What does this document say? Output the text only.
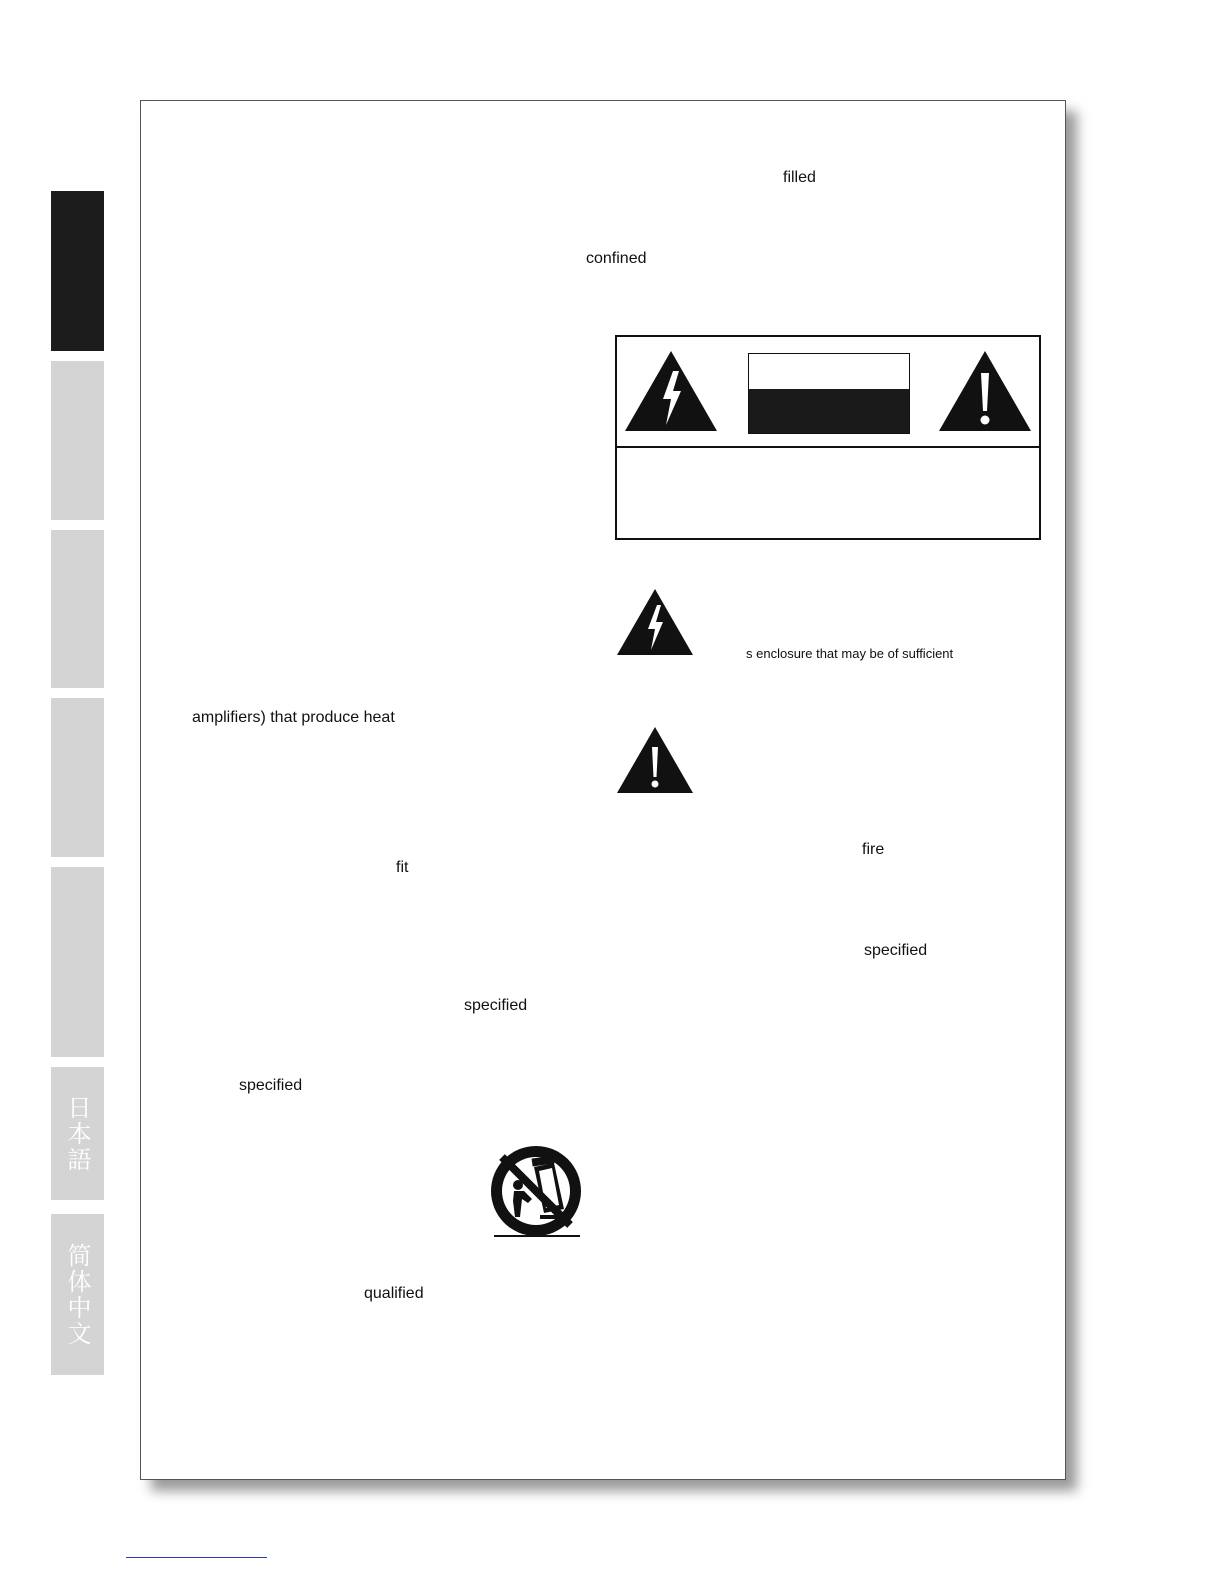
日本語
简体中文
filled
confined
s enclosure that may be of sufficient
amplifiers) that produce heat
fire
fit
specified
specified
specified
qualified
